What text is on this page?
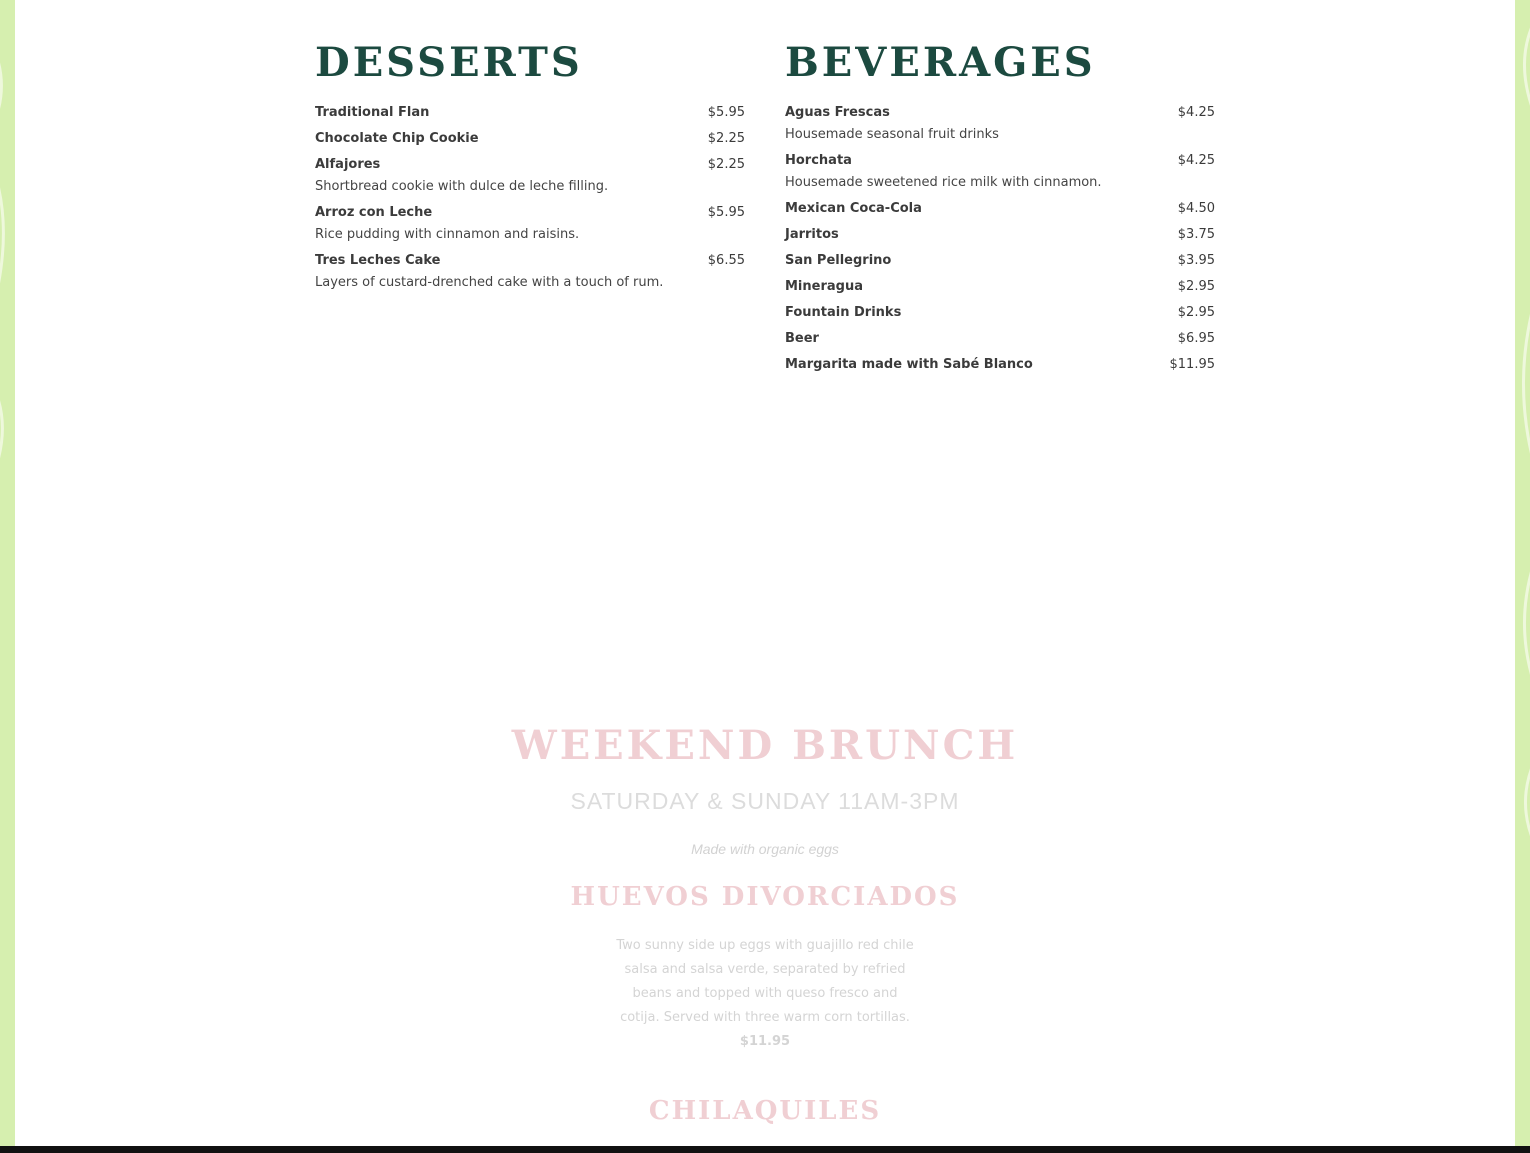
DESSERTS
Traditional Flan	$5.95
Chocolate Chip Cookie	$2.25
Alfajores	$2.25
Shortbread cookie with dulce de leche filling.
Arroz con Leche	$5.95
Rice pudding with cinnamon and raisins.
Tres Leches Cake	$6.55
Layers of custard-drenched cake with a touch of rum.
BEVERAGES
Aguas Frescas	$4.25
Housemade seasonal fruit drinks
Horchata	$4.25
Housemade sweetened rice milk with cinnamon.
Mexican Coca-Cola	$4.50
Jarritos	$3.75
San Pellegrino	$3.95
Mineragua	$2.95
Fountain Drinks	$2.95
Beer	$6.95
Margarita made with Sabé Blanco	$11.95
WEEKEND BRUNCH
SATURDAY & SUNDAY 11AM-3PM
Made with organic eggs
HUEVOS DIVORCIADOS
Two sunny side up eggs with guajillo red chile salsa and salsa verde, separated by refried beans and topped with queso fresco and cotija. Served with three warm corn tortillas.
$11.95
CHILAQUILES
